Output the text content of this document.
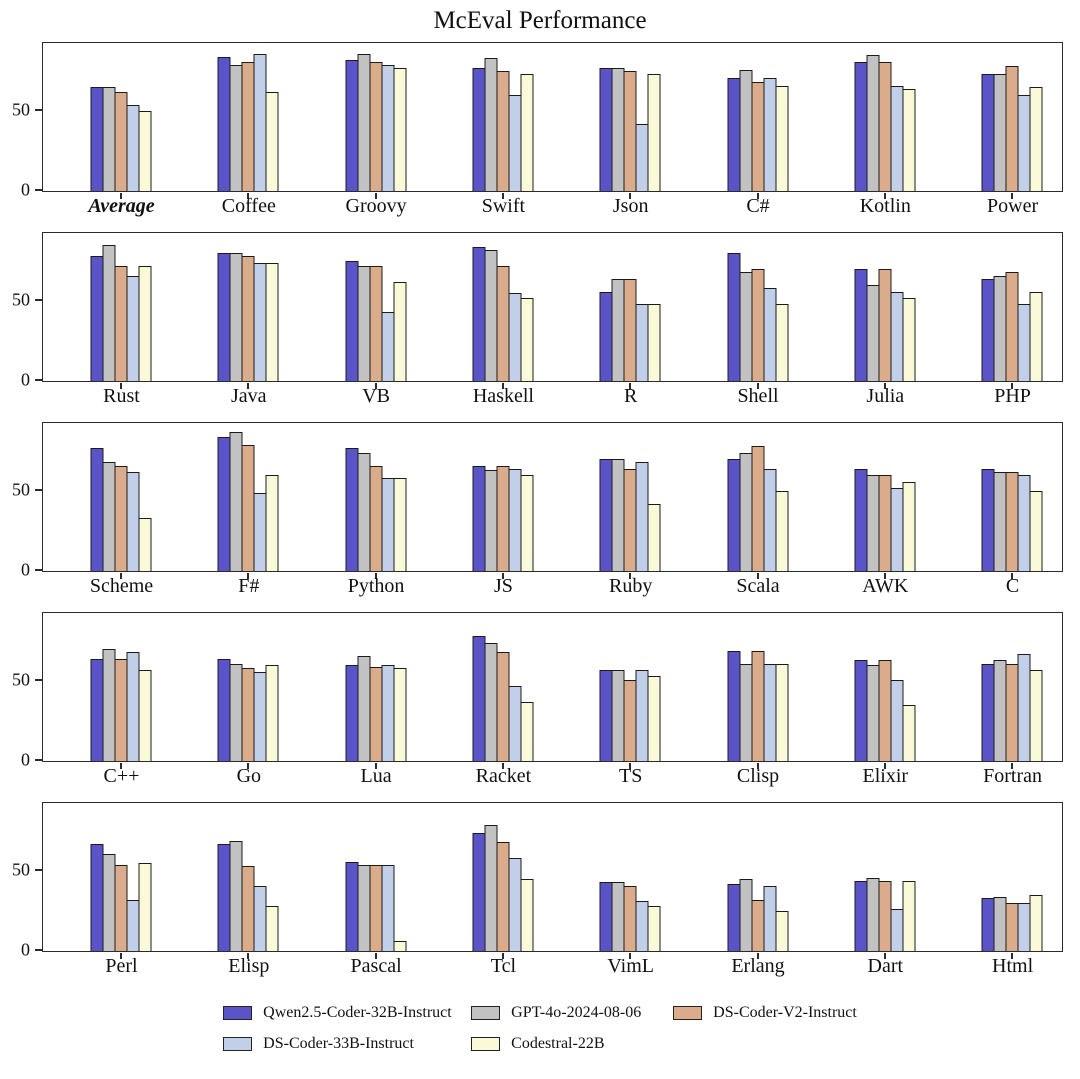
McEval Performance
0
50
Average	Coffee	Groovy	Swift	Json	C#	Kotlin	Power
0
50
Rust	Java	VB	Haskell	R	Shell	Julia	PHP
0
50
Scheme	F#	Python	JS	Ruby	Scala	AWK	C
0
50
C++	Go	Lua	Racket	TS	Clisp	Elixir	Fortran
0
50
Perl	Elisp	Pascal	Tcl	VimL	Erlang	Dart	Html
Qwen2.5-Coder-32B-Instruct	GPT-4o-2024-08-06	DS-Coder-V2-Instruct
DS-Coder-33B-Instruct	Codestral-22B
